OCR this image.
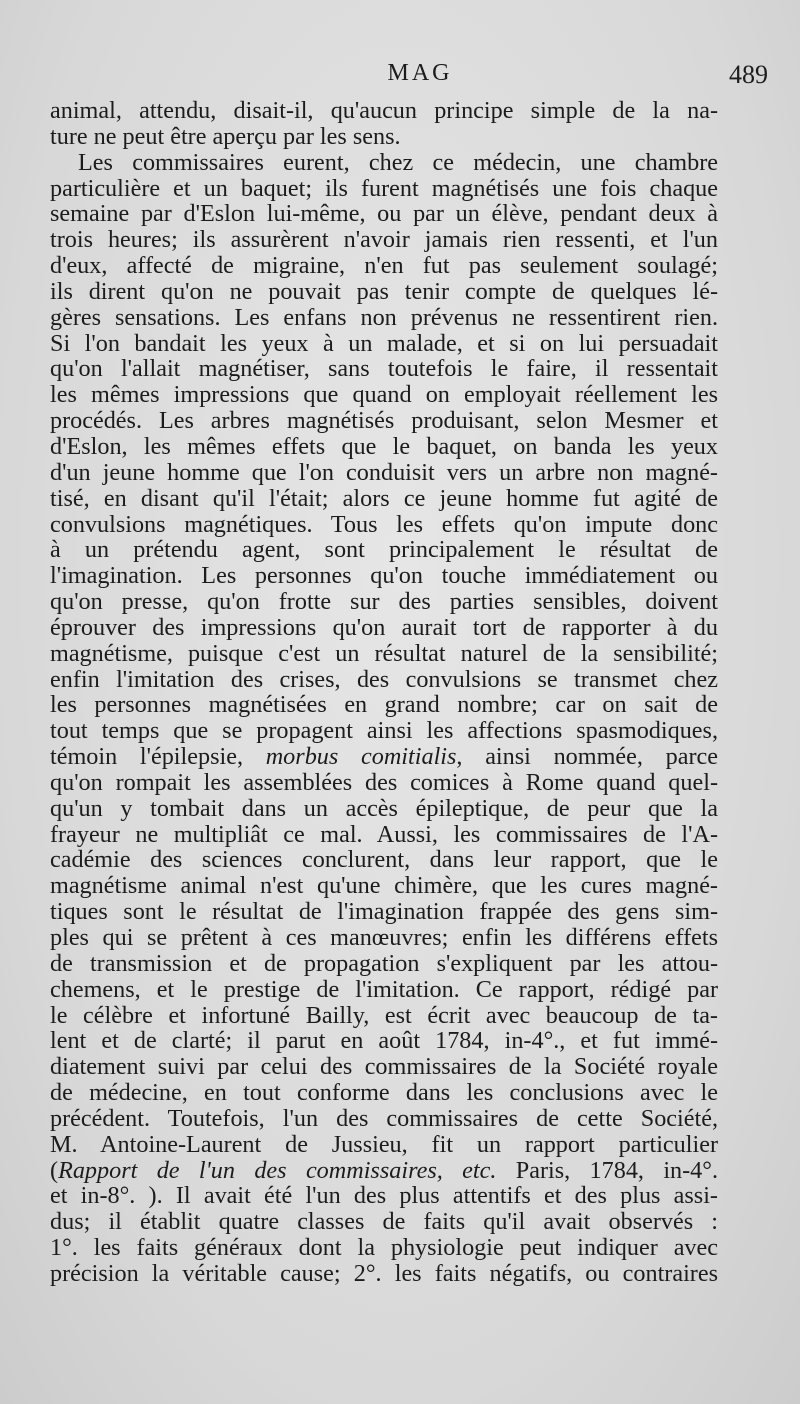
MAG	489
animal, attendu, disait-il, qu'aucun principe simple de la na-
ture ne peut être aperçu par les sens.
Les commissaires eurent, chez ce médecin, une chambre
particulière et un baquet; ils furent magnétisés une fois chaque
semaine par d'Eslon lui-même, ou par un élève, pendant deux à
trois heures; ils assurèrent n'avoir jamais rien ressenti, et l'un
d'eux, affecté de migraine, n'en fut pas seulement soulagé;
ils dirent qu'on ne pouvait pas tenir compte de quelques lé-
gères sensations. Les enfans non prévenus ne ressentirent rien.
Si l'on bandait les yeux à un malade, et si on lui persuadait
qu'on l'allait magnétiser, sans toutefois le faire, il ressentait
les mêmes impressions que quand on employait réellement les
procédés. Les arbres magnétisés produisant, selon Mesmer et
d'Eslon, les mêmes effets que le baquet, on banda les yeux
d'un jeune homme que l'on conduisit vers un arbre non magné-
tisé, en disant qu'il l'était; alors ce jeune homme fut agité de
convulsions magnétiques. Tous les effets qu'on impute donc
à un prétendu agent, sont principalement le résultat de
l'imagination. Les personnes qu'on touche immédiatement ou
qu'on presse, qu'on frotte sur des parties sensibles, doivent
éprouver des impressions qu'on aurait tort de rapporter à du
magnétisme, puisque c'est un résultat naturel de la sensibilité;
enfin l'imitation des crises, des convulsions se transmet chez
les personnes magnétisées en grand nombre; car on sait de
tout temps que se propagent ainsi les affections spasmodiques,
témoin l'épilepsie, morbus comitialis, ainsi nommée, parce
qu'on rompait les assemblées des comices à Rome quand quel-
qu'un y tombait dans un accès épileptique, de peur que la
frayeur ne multipliât ce mal. Aussi, les commissaires de l'A-
cadémie des sciences conclurent, dans leur rapport, que le
magnétisme animal n'est qu'une chimère, que les cures magné-
tiques sont le résultat de l'imagination frappée des gens sim-
ples qui se prêtent à ces manœuvres; enfin les différens effets
de transmission et de propagation s'expliquent par les attou-
chemens, et le prestige de l'imitation. Ce rapport, rédigé par
le célèbre et infortuné Bailly, est écrit avec beaucoup de ta-
lent et de clarté; il parut en août 1784, in-4°., et fut immé-
diatement suivi par celui des commissaires de la Société royale
de médecine, en tout conforme dans les conclusions avec le
précédent. Toutefois, l'un des commissaires de cette Société,
M. Antoine-Laurent de Jussieu, fit un rapport particulier
(Rapport de l'un des commissaires, etc. Paris, 1784, in-4°.
et in-8°. ). Il avait été l'un des plus attentifs et des plus assi-
dus; il établit quatre classes de faits qu'il avait observés :
1°. les faits généraux dont la physiologie peut indiquer avec
précision la véritable cause; 2°. les faits négatifs, ou contraires
